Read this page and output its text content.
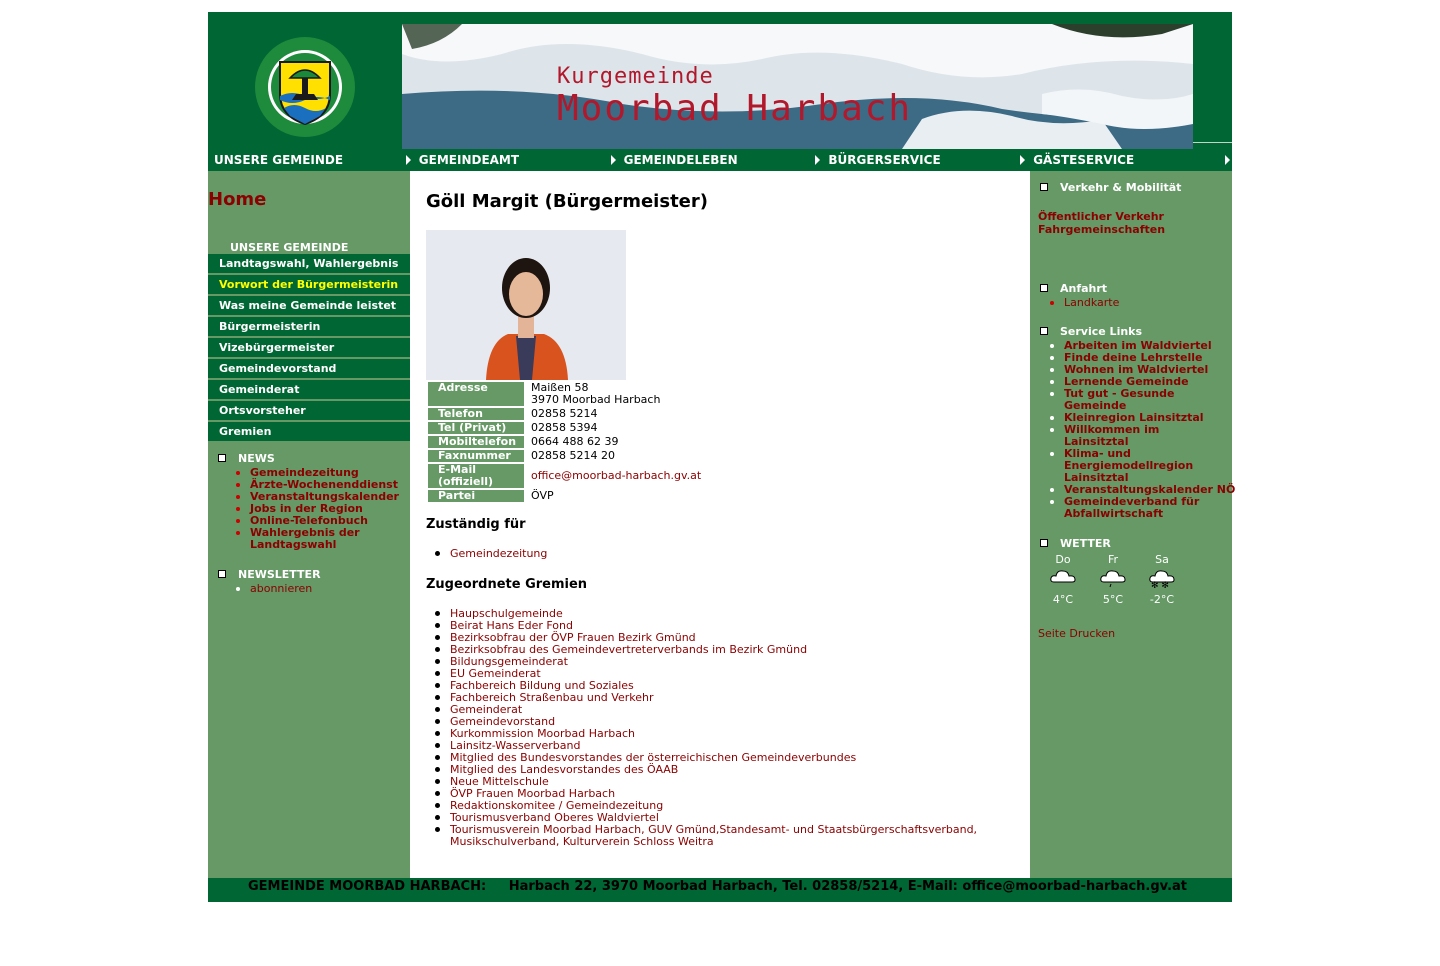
Kurgemeinde
Moorbad Harbach
UNSERE GEMEINDE	GEMEINDEAMT	GEMEINDELEBEN	BÜRGERSERVICE	GÄSTESERVICE
Home
UNSERE GEMEINDE
Landtagswahl, Wahlergebnis
Vorwort der Bürgermeisterin
Was meine Gemeinde leistet
Bürgermeisterin
Vizebürgermeister
Gemeindevorstand
Gemeinderat
Ortsvorsteher
Gremien
NEWS
Gemeindezeitung
Ärzte-Wochenenddienst
Veranstaltungskalender
Jobs in der Region
Online-Telefonbuch
Wahlergebnis der Landtagswahl
NEWSLETTER
abonnieren
Göll Margit (Bürgermeister)
Adresse	Maißen 58
3970 Moorbad Harbach

Telefon	02858 5214
Tel (Privat)	02858 5394
Mobiltelefon	0664 488 62 39
Faxnummer	02858 5214 20
E-Mail (offiziell)	office@moorbad-harbach.gv.at
Partei	ÖVP
Zuständig für
Gemeindezeitung
Zugeordnete Gremien
Haupschulgemeinde
Beirat Hans Eder Fond
Bezirksobfrau der ÖVP Frauen Bezirk Gmünd
Bezirksobfrau des Gemeindevertreterverbands im Bezirk Gmünd
Bildungsgemeinderat
EU Gemeinderat
Fachbereich Bildung und Soziales
Fachbereich Straßenbau und Verkehr
Gemeinderat
Gemeindevorstand
Kurkommission Moorbad Harbach
Lainsitz-Wasserverband
Mitglied des Bundesvorstandes der österreichischen Gemeindeverbundes
Mitglied des Landesvorstandes des ÖAAB
Neue Mittelschule
ÖVP Frauen Moorbad Harbach
Redaktionskomitee / Gemeindezeitung
Tourismusverband Oberes Waldviertel
Tourismusverein Moorbad Harbach, GUV Gmünd,Standesamt- und Staatsbürgerschaftsverband, Musikschulverband, Kulturverein Schloss Weitra
Verkehr & Mobilität
Öffentlicher Verkehr
Fahrgemeinschaften
Anfahrt
Landkarte
Service Links
Arbeiten im Waldviertel
Finde deine Lehrstelle
Wohnen im Waldviertel
Lernende Gemeinde
Tut gut - Gesunde Gemeinde
Kleinregion Lainsitztal
Willkommen im Lainsitztal
Klima- und Energiemodellregion Lainsitztal
Veranstaltungskalender NÖ
Gemeindeverband für Abfallwirtschaft
WETTER
Do
4°C
Fr
5°C
Sa
✻ ✻
-2°C
Seite Drucken
GEMEINDE MOORBAD HARBACH: Harbach 22, 3970 Moorbad Harbach, Tel. 02858/5214, E-Mail: office@moorbad-harbach.gv.at
